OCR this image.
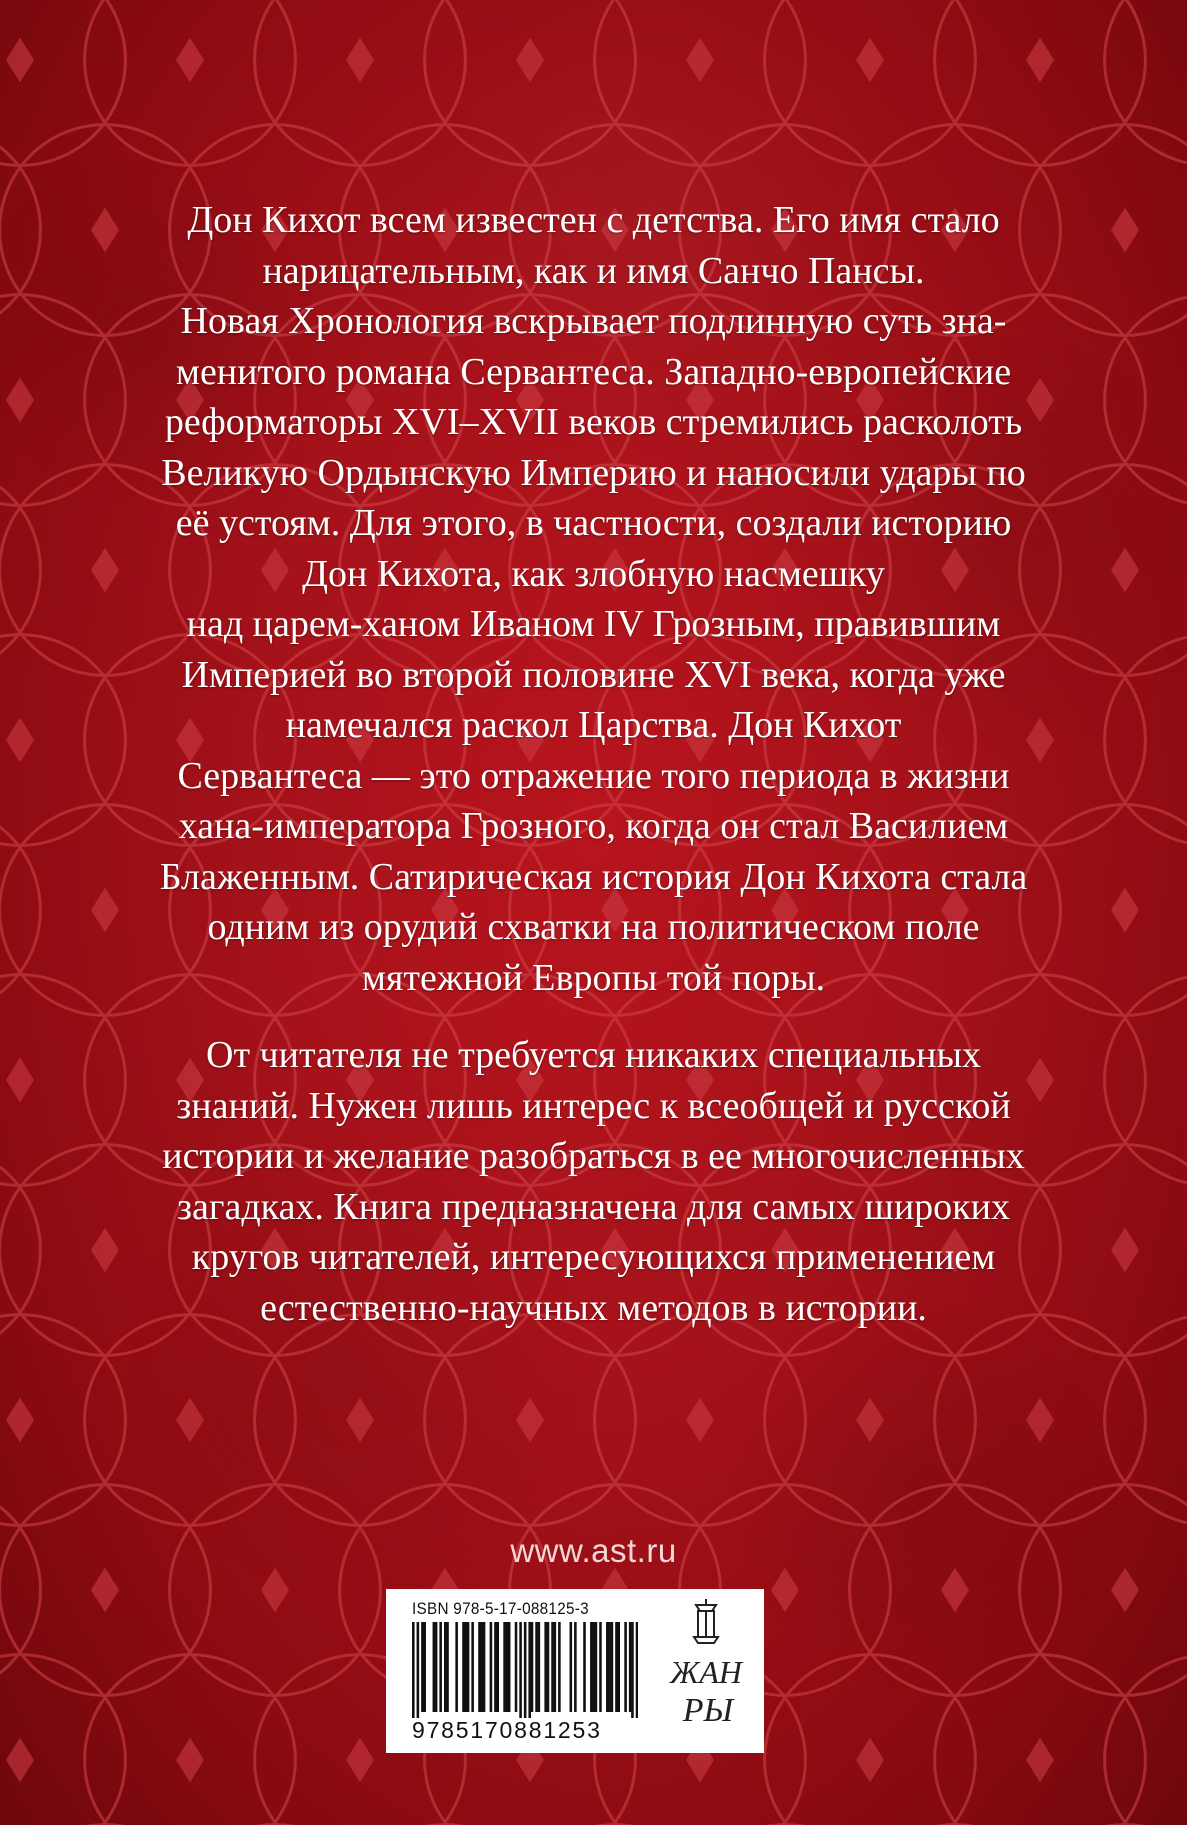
Дон Кихот всем известен с детства. Его имя стало
нарицательным, как и имя Санчо Пансы.
Новая Хронология вскрывает подлинную суть зна-
менитого романа Сервантеса. Западно-европейские
реформаторы XVI–XVII веков стремились расколоть
Великую Ордынскую Империю и наносили удары по
её устоям. Для этого, в частности, создали историю
Дон Кихота, как злобную насмешку
над царем-ханом Иваном IV Грозным, правившим
Империей во второй половине XVI века, когда уже
намечался раскол Царства. Дон Кихот
Сервантеса — это отражение того периода в жизни
хана-императора Грозного, когда он стал Василием
Блаженным. Сатирическая история Дон Кихота стала
одним из орудий схватки на политическом поле
мятежной Европы той поры.
От читателя не требуется никаких специальных
знаний. Нужен лишь интерес к всеобщей и русской
истории и желание разобраться в ее многочисленных
загадках. Книга предназначена для самых широких
кругов читателей, интересующихся применением
естественно-научных методов в истории.
www.ast.ru
ISBN 978-5-17-088125-3
9785170881253
ЖАН
РЫ
